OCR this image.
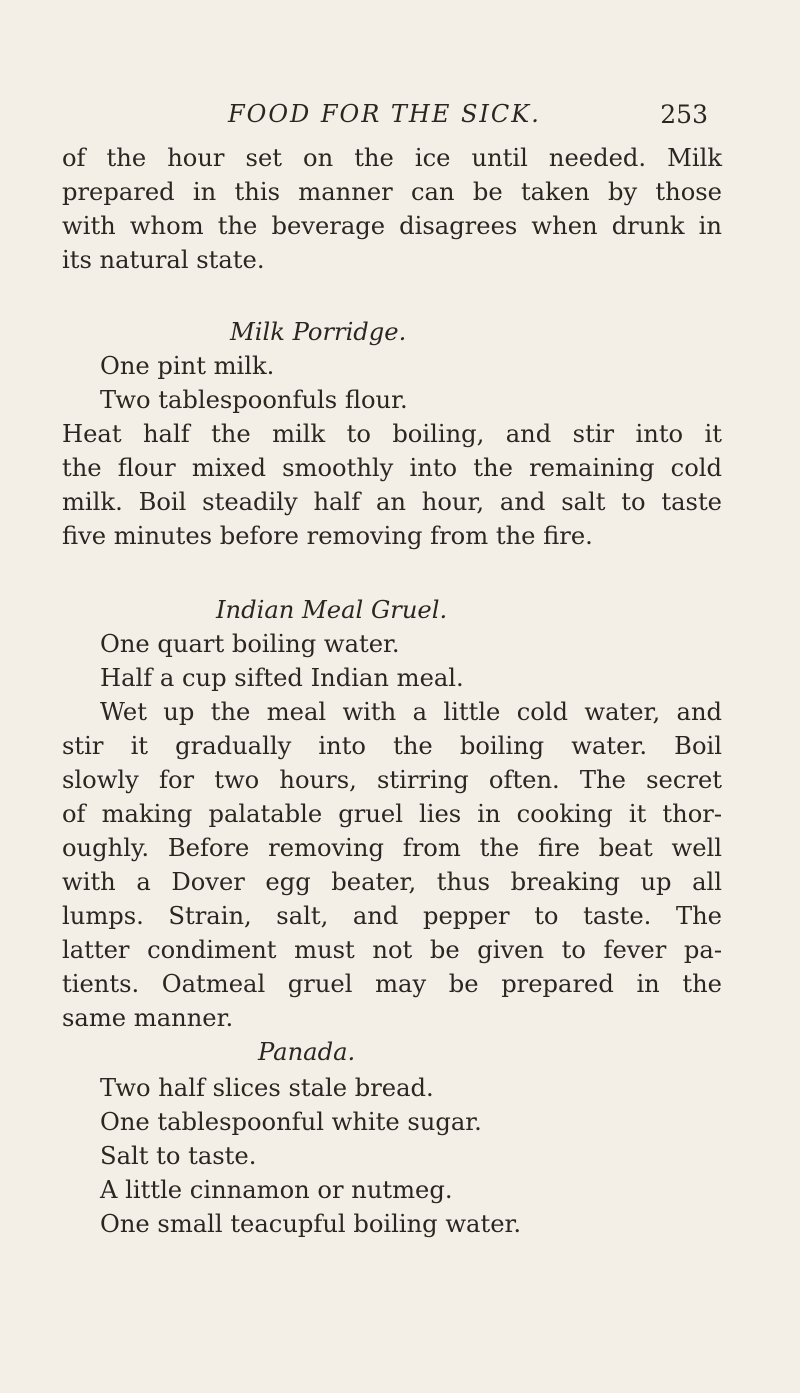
FOOD FOR THE SICK.	253
of the hour set on the ice until needed. Milk
prepared in this manner can be taken by those
with whom the beverage disagrees when drunk in
its natural state.
Milk Porridge.
One pint milk.
Two tablespoonfuls flour.
Heat half the milk to boiling, and stir into it
the flour mixed smoothly into the remaining cold
milk. Boil steadily half an hour, and salt to taste
five minutes before removing from the fire.
Indian Meal Gruel.
One quart boiling water.
Half a cup sifted Indian meal.
Wet up the meal with a little cold water, and
stir it gradually into the boiling water. Boil
slowly for two hours, stirring often. The secret
of making palatable gruel lies in cooking it thor-
oughly. Before removing from the fire beat well
with a Dover egg beater, thus breaking up all
lumps. Strain, salt, and pepper to taste. The
latter condiment must not be given to fever pa-
tients. Oatmeal gruel may be prepared in the
same manner.
Panada.
Two half slices stale bread.
One tablespoonful white sugar.
Salt to taste.
A little cinnamon or nutmeg.
One small teacupful boiling water.
